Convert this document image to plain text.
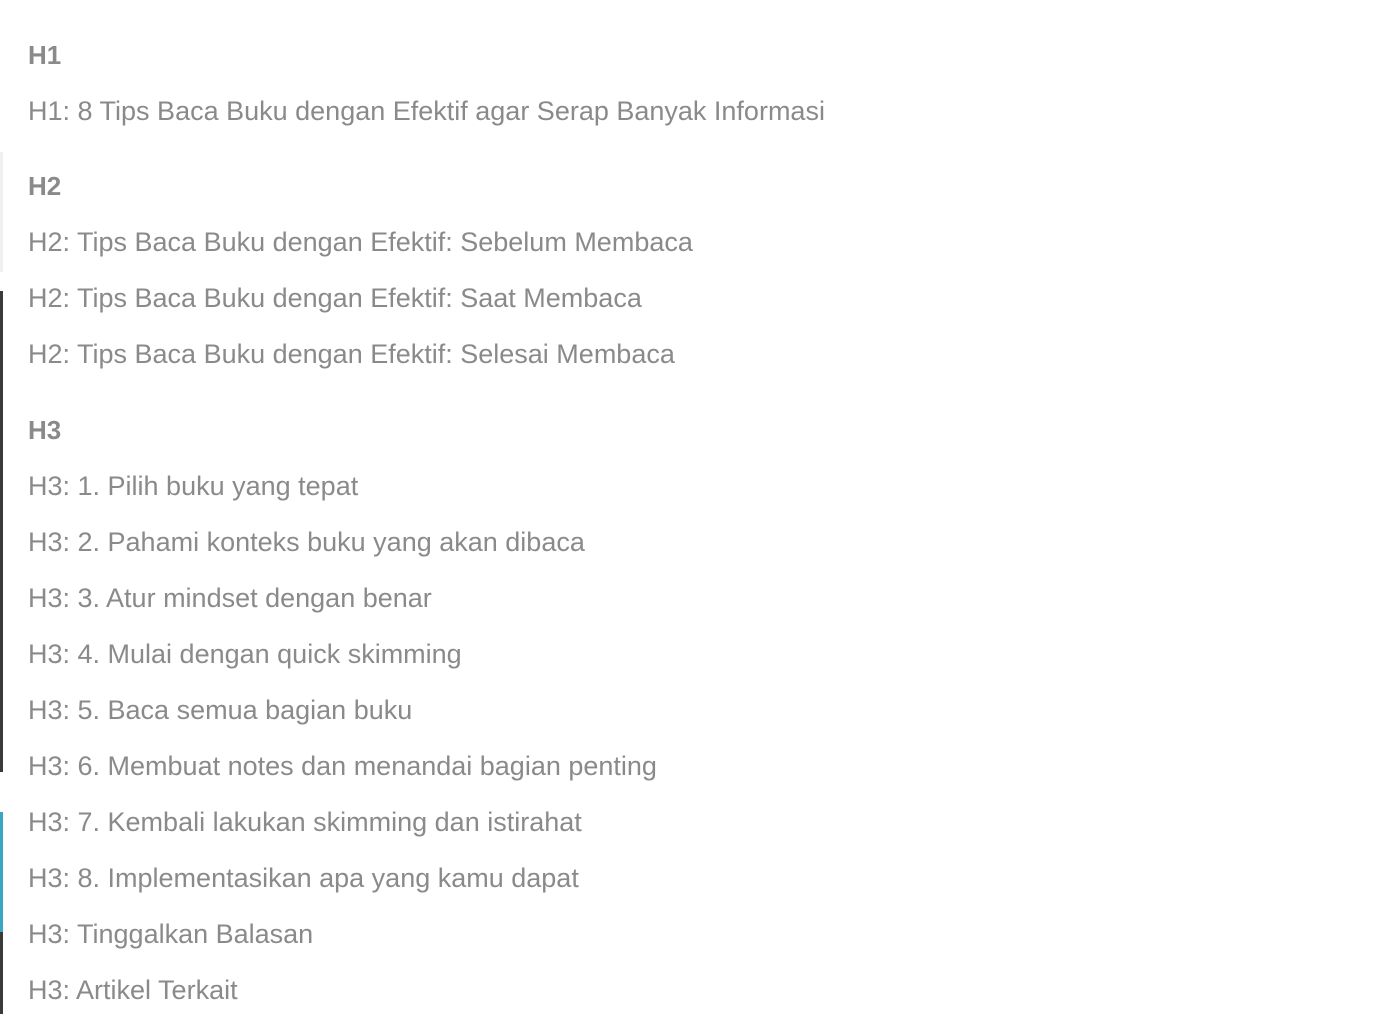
H1
H1: 8 Tips Baca Buku dengan Efektif agar Serap Banyak Informasi
H2
H2: Tips Baca Buku dengan Efektif: Sebelum Membaca
H2: Tips Baca Buku dengan Efektif: Saat Membaca
H2: Tips Baca Buku dengan Efektif: Selesai Membaca
H3
H3: 1. Pilih buku yang tepat
H3: 2. Pahami konteks buku yang akan dibaca
H3: 3. Atur mindset dengan benar
H3: 4. Mulai dengan quick skimming
H3: 5. Baca semua bagian buku
H3: 6. Membuat notes dan menandai bagian penting
H3: 7. Kembali lakukan skimming dan istirahat
H3: 8. Implementasikan apa yang kamu dapat
H3: Tinggalkan Balasan
H3: Artikel Terkait
